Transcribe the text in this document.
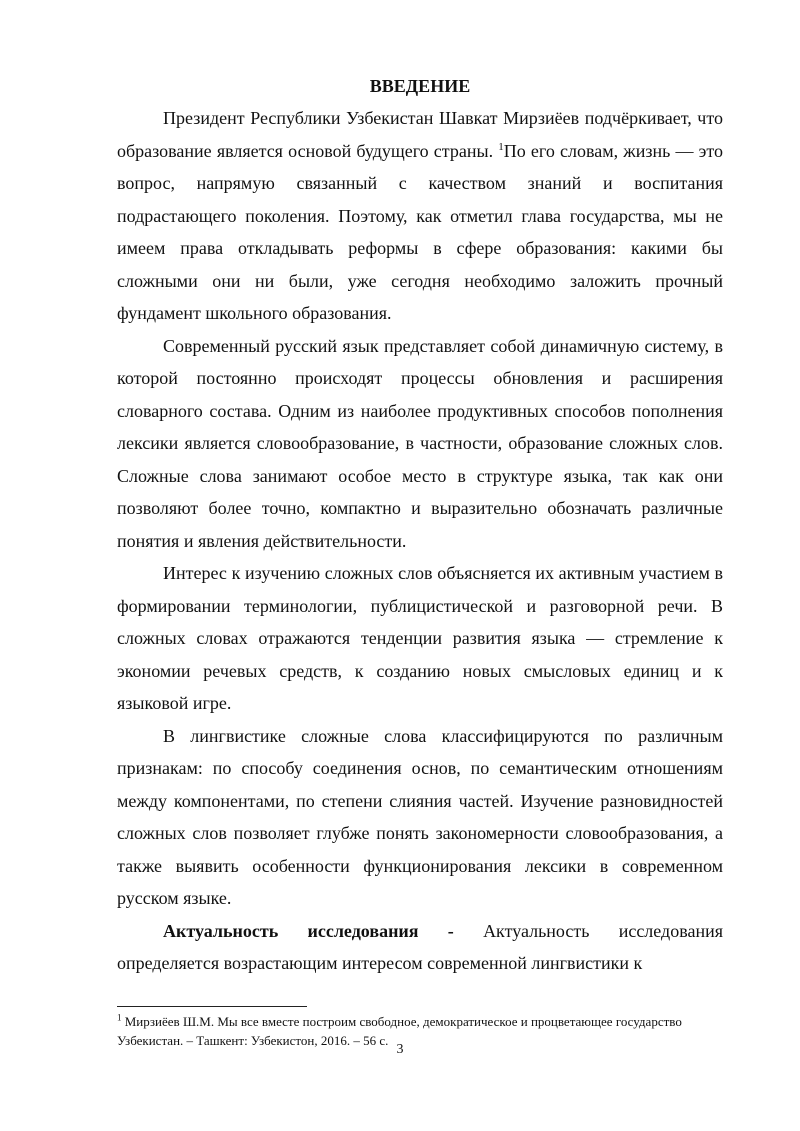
ВВЕДЕНИЕ

Президент Республики Узбекистан Шавкат Мирзиёев подчёркивает, что образование является основой будущего страны. $^1$По его словам, жизнь — это вопрос, напрямую связанный с качеством знаний и воспитания подрастающего поколения. Поэтому, как отметил глава государства, мы не имеем права откладывать реформы в сфере образования: какими бы сложными они ни были, уже сегодня необходимо заложить прочный фундамент школьного образования.

Современный русский язык представляет собой динамичную систему, в которой постоянно происходят процессы обновления и расширения словарного состава. Одним из наиболее продуктивных способов пополнения лексики является словообразование, в частности, образование сложных слов. Сложные слова занимают особое место в структуре языка, так как они позволяют более точно, компактно и выразительно обозначать различные понятия и явления действительности.

Интерес к изучению сложных слов объясняется их активным участием в формировании терминологии, публицистической и разговорной речи. В сложных словах отражаются тенденции развития языка — стремление к экономии речевых средств, к созданию новых смысловых единиц и к языковой игре.

В лингвистике сложные слова классифицируются по различным признакам: по способу соединения основ, по семантическим отношениям между компонентами, по степени слияния частей. Изучение разновидностей сложных слов позволяет глубже понять закономерности словообразования, а также выявить особенности функционирования лексики в современном русском языке.

Актуальность исследования - Актуальность исследования определяется возрастающим интересом современной лингвистики к

$^1$ Мирзиёев Ш.М. Мы все вместе построим свободное, демократическое и процветающее государство Узбекистан. – Ташкент: Узбекистон, 2016. – 56 с.
3
